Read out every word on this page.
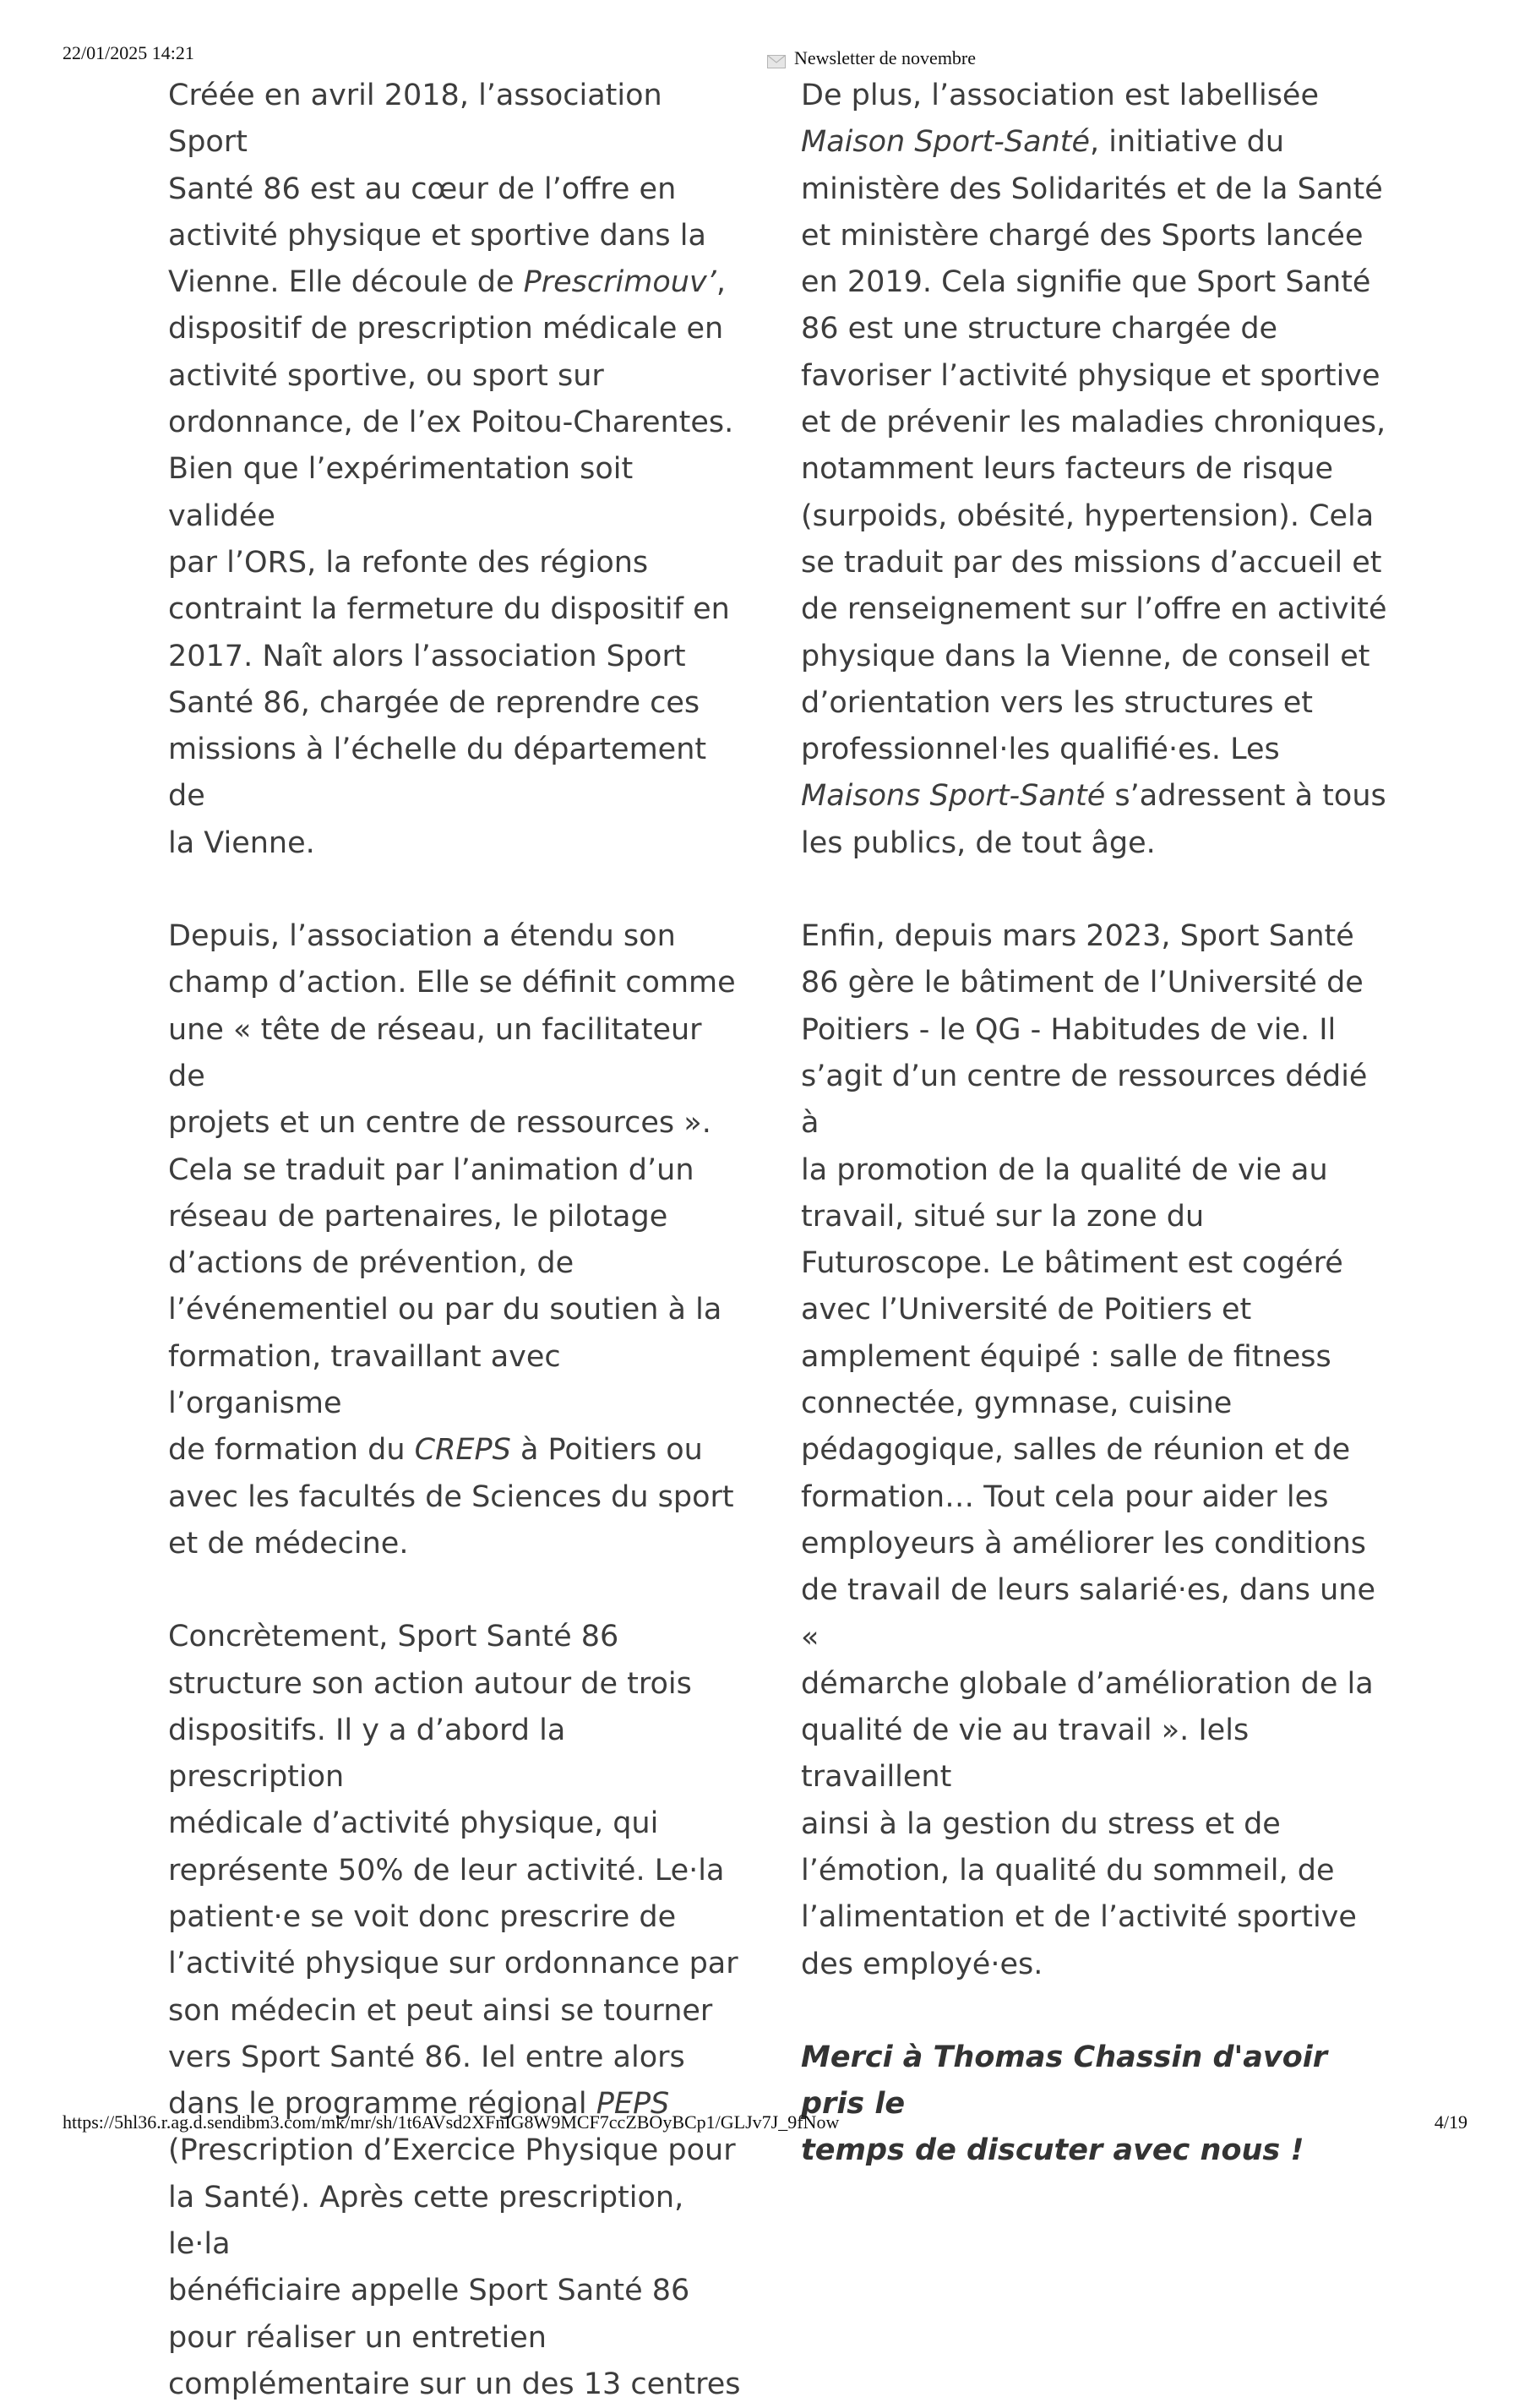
22/01/2025 14:21	Newsletter de novembre
Créée en avril 2018, l’association Sport
Santé 86 est au cœur de l’offre en
activité physique et sportive dans la
Vienne. Elle découle de Prescrimouv’,
dispositif de prescription médicale en
activité sportive, ou sport sur
ordonnance, de l’ex Poitou-Charentes.
Bien que l’expérimentation soit validée
par l’ORS, la refonte des régions
contraint la fermeture du dispositif en
2017. Naît alors l’association Sport
Santé 86, chargée de reprendre ces
missions à l’échelle du département de
la Vienne.
Depuis, l’association a étendu son
champ d’action. Elle se définit comme
une « tête de réseau, un facilitateur de
projets et un centre de ressources ».
Cela se traduit par l’animation d’un
réseau de partenaires, le pilotage
d’actions de prévention, de
l’événementiel ou par du soutien à la
formation, travaillant avec l’organisme
de formation du CREPS à Poitiers ou
avec les facultés de Sciences du sport
et de médecine.
Concrètement, Sport Santé 86
structure son action autour de trois
dispositifs. Il y a d’abord la prescription
médicale d’activité physique, qui
représente 50% de leur activité. Le·la
patient·e se voit donc prescrire de
l’activité physique sur ordonnance par
son médecin et peut ainsi se tourner
vers Sport Santé 86. Iel entre alors
dans le programme régional PEPS
(Prescription d’Exercice Physique pour
la Santé). Après cette prescription, le·la
bénéficiaire appelle Sport Santé 86
pour réaliser un entretien
complémentaire sur un des 13 centres
De plus, l’association est labellisée
Maison Sport-Santé, initiative du
ministère des Solidarités et de la Santé
et ministère chargé des Sports lancée
en 2019. Cela signifie que Sport Santé
86 est une structure chargée de
favoriser l’activité physique et sportive
et de prévenir les maladies chroniques,
notamment leurs facteurs de risque
(surpoids, obésité, hypertension). Cela
se traduit par des missions d’accueil et
de renseignement sur l’offre en activité
physique dans la Vienne, de conseil et
d’orientation vers les structures et
professionnel·les qualifié·es. Les
Maisons Sport-Santé s’adressent à tous
les publics, de tout âge.
Enfin, depuis mars 2023, Sport Santé
86 gère le bâtiment de l’Université de
Poitiers - le QG - Habitudes de vie. Il
s’agit d’un centre de ressources dédié à
la promotion de la qualité de vie au
travail, situé sur la zone du
Futuroscope. Le bâtiment est cogéré
avec l’Université de Poitiers et
amplement équipé : salle de fitness
connectée, gymnase, cuisine
pédagogique, salles de réunion et de
formation… Tout cela pour aider les
employeurs à améliorer les conditions
de travail de leurs salarié·es, dans une «
démarche globale d’amélioration de la
qualité de vie au travail ». Iels travaillent
ainsi à la gestion du stress et de
l’émotion, la qualité du sommeil, de
l’alimentation et de l’activité sportive
des employé·es.
Merci à Thomas Chassin d'avoir pris le
temps de discuter avec nous !
https://5hl36.r.ag.d.sendibm3.com/mk/mr/sh/1t6AVsd2XFnIG8W9MCF7ccZBOyBCp1/GLJv7J_9fNow	4/19
